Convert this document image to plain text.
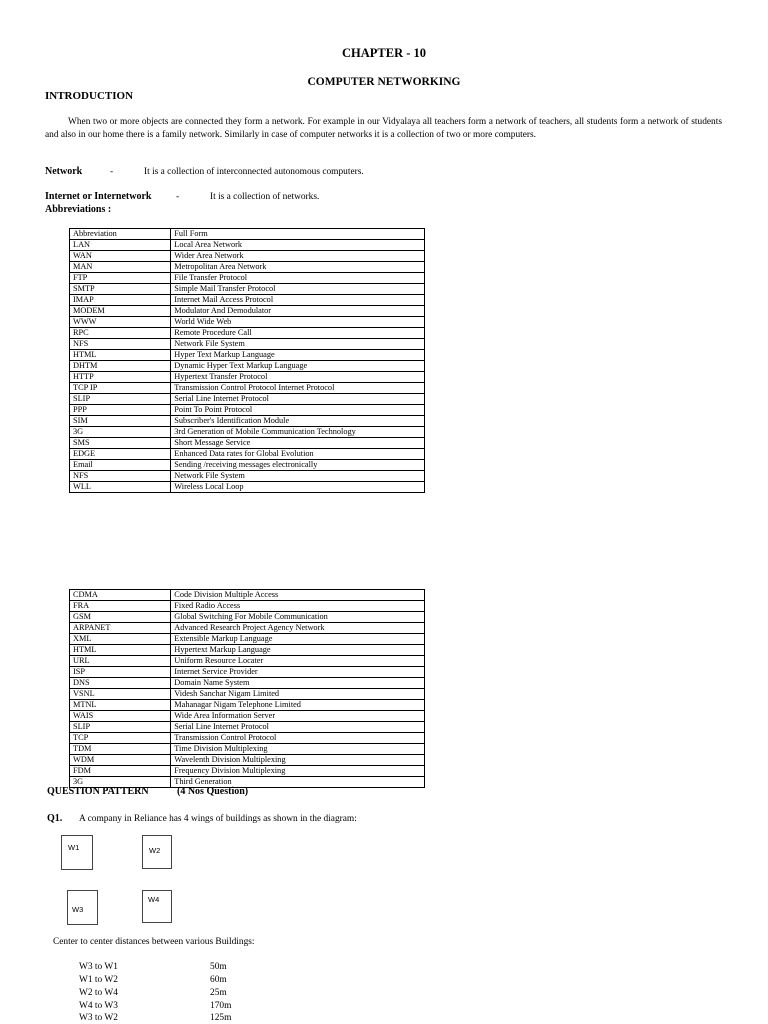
CHAPTER - 10
COMPUTER NETWORKING
INTRODUCTION
When two or more objects are connected they form a network. For example in our Vidyalaya all teachers form a network of teachers, all students form a network of students and also in our home there is a family network. Similarly in case of computer networks it is a collection of two or more computers.
Network	-	It is a collection of interconnected autonomous computers.
Internet or Internetwork	-	It is a collection of networks.
Abbreviations :
Abbreviation	Full Form
LAN	Local Area Network
WAN	Wider Area Network
MAN	Metropolitan Area Network
FTP	File Transfer Protocol
SMTP	Simple Mail Transfer Protocol
IMAP	Internet Mail Access Protocol
MODEM	Modulator And Demodulator
WWW	World Wide Web
RPC	Remote Procedure Call
NFS	Network File System
HTML	Hyper Text Markup Language
DHTM	Dynamic Hyper Text Markup Language
HTTP	Hypertext Transfer Protocol
TCP IP	Transmission Control Protocol Internet Protocol
SLIP	Serial Line Internet Protocol
PPP	Point To Point Protocol
SIM	Subscriber's Identification Module
3G	3rd Generation of Mobile Communication Technology
SMS	Short Message Service
EDGE	Enhanced Data rates for Global Evolution
Email	Sending /receiving messages electronically
NFS	Network File System
WLL	Wireless Local Loop
CDMA	Code Division Multiple Access
FRA	Fixed Radio Access
GSM	Global Switching For Mobile Communication
ARPANET	Advanced Research Project Agency Network
XML	Extensible Markup Language
HTML	Hypertext Markup Language
URL	Uniform Resource Locater
ISP	Internet Service Provider
DNS	Domain Name System
VSNL	Videsh Sanchar Nigam Limited
MTNL	Mahanagar Nigam Telephone Limited
WAIS	Wide Area Information Server
SLIP	Serial Line Internet Protocol
TCP	Transmission Control Protocol
TDM	Time Division Multiplexing
WDM	Wavelenth Division Multiplexing
FDM	Frequency Division Multiplexing
3G	Third Generation
QUESTION PATTERN	(4 Nos Question)
Q1. A company in Reliance has 4 wings of buildings as shown in the diagram:
W1	W2
W3
W4
Center to center distances between various Buildings:
W3 to W1	50m
W1 to W2	60m
W2 to W4	25m
W4 to W3	170m
W3 to W2	125m
